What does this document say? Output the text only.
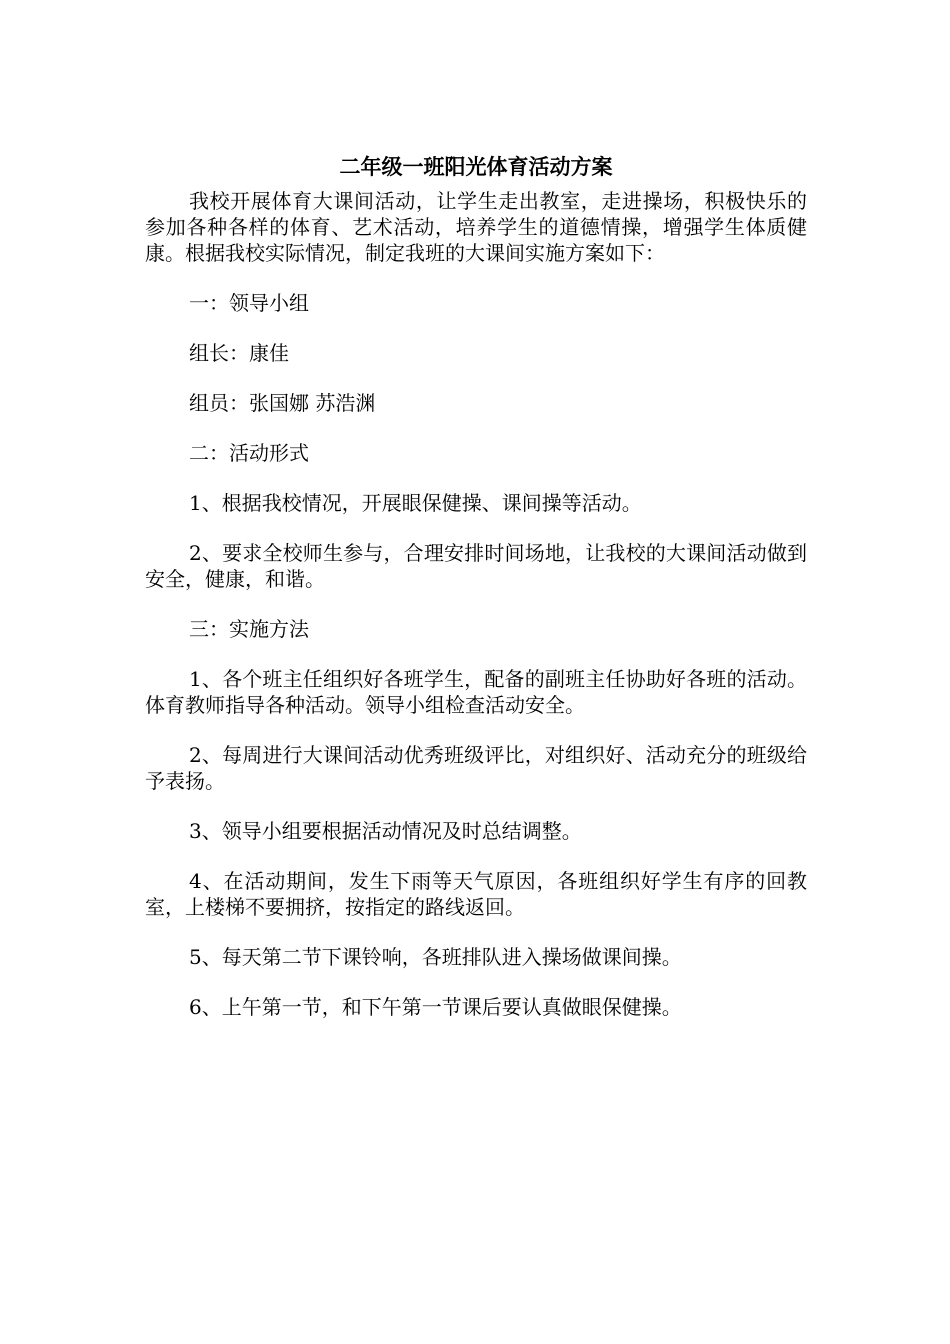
二年级一班阳光体育活动方案

我校开展体育大课间活动，让学生走出教室，走进操场，积极快乐的参加各种各样的体育、艺术活动，培养学生的道德情操，增强学生体质健康。根据我校实际情况，制定我班的大课间实施方案如下：

一：领导小组

组长：康佳

组员：张国娜 苏浩渊

二：活动形式

1、根据我校情况，开展眼保健操、课间操等活动。

2、要求全校师生参与，合理安排时间场地，让我校的大课间活动做到安全，健康，和谐。

三：实施方法

1、各个班主任组织好各班学生，配备的副班主任协助好各班的活动。体育教师指导各种活动。领导小组检查活动安全。

2、每周进行大课间活动优秀班级评比，对组织好、活动充分的班级给予表扬。

3、领导小组要根据活动情况及时总结调整。

4、在活动期间，发生下雨等天气原因，各班组织好学生有序的回教室，上楼梯不要拥挤，按指定的路线返回。

5、每天第二节下课铃响，各班排队进入操场做课间操。

6、上午第一节，和下午第一节课后要认真做眼保健操。
